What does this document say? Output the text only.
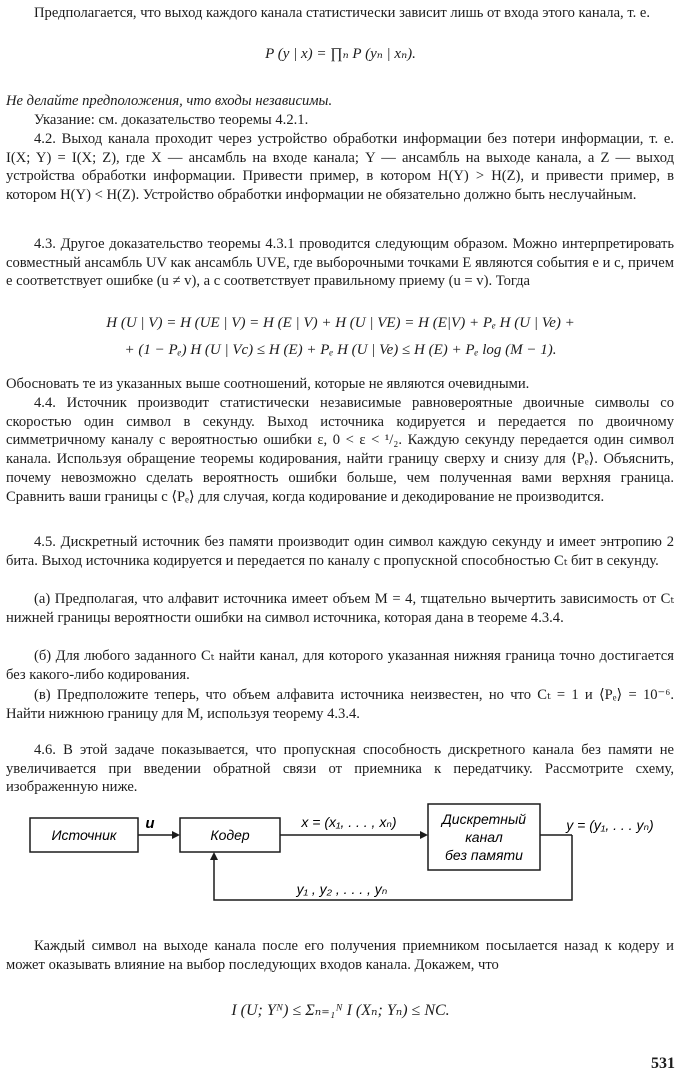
Предполагается, что выход каждого канала статистически зависит лишь от входа этого канала, т. е.

P (y | x) = ∏ₙ P (yₙ | xₙ).

Не делайте предположения, что входы независимы.

Указание: см. доказательство теоремы 4.2.1.

4.2. Выход канала проходит через устройство обработки информации без потери информации, т. е. I(X; Y) = I(X; Z), где X — ансамбль на входе канала; Y — ансамбль на выходе канала, а Z — выход устройства обработки информации. Привести пример, в котором H(Y) > H(Z), и привести пример, в котором H(Y) < H(Z). Устройство обработки информации не обязательно должно быть неслучайным.

4.3. Другое доказательство теоремы 4.3.1 проводится следующим образом. Можно интерпретировать совместный ансамбль UV как ансамбль UVE, где выборочными точками E являются события e и c, причем e соответствует ошибке (u ≠ v), а c соответствует правильному приему (u = v). Тогда

H (U | V) = H (UE | V) = H (E | V) + H (U | VE) = H (E|V) + Pₑ H (U | Ve) +

+ (1 − Pₑ) H (U | Vc) ≤ H (E) + Pₑ H (U | Ve) ≤ H (E) + Pₑ log (M − 1).

Обосновать те из указанных выше соотношений, которые не являются очевидными.

4.4. Источник производит статистически независимые равновероятные двоичные символы со скоростью один символ в секунду. Выход источника кодируется и передается по двоичному симметричному каналу с вероятностью ошибки ε, 0 < ε < ¹/₂. Каждую секунду передается один символ канала. Используя обращение теоремы кодирования, найти границу сверху и снизу для ⟨Pₑ⟩. Объяснить, почему невозможно сделать вероятность ошибки больше, чем полученная вами верхняя граница. Сравнить ваши границы с ⟨Pₑ⟩ для случая, когда кодирование и декодирование не производится.

4.5. Дискретный источник без памяти производит один символ каждую секунду и имеет энтропию 2 бита. Выход источника кодируется и передается по каналу с пропускной способностью Cₜ бит в секунду.

(а) Предполагая, что алфавит источника имеет объем M = 4, тщательно вычертить зависимость от Cₜ нижней границы вероятности ошибки на символ источника, которая дана в теореме 4.3.4.

(б) Для любого заданного Cₜ найти канал, для которого указанная нижняя граница точно достигается без какого-либо кодирования.

(в) Предположите теперь, что объем алфавита источника неизвестен, но что Cₜ = 1 и ⟨Pₑ⟩ = 10⁻⁶. Найти нижнюю границу для M, используя теорему 4.3.4.

4.6. В этой задаче показывается, что пропускная способность дискретного канала без памяти не увеличивается при введении обратной связи от приемника к передатчику. Рассмотрите схему, изображенную ниже.

Источник
u
Кодер
x = (x₁, . . . , xₙ)	Дискретный
канал
без памяти
y = (y₁, . . . yₙ)
y₁ , y₂ , . . . , yₙ

Каждый символ на выходе канала после его получения приемником посылается назад к кодеру и может оказывать влияние на выбор последующих входов канала. Докажем, что

I (U; Yᴺ) ≤ Σₙ₌₁ᴺ I (Xₙ; Yₙ) ≤ NC.

531
